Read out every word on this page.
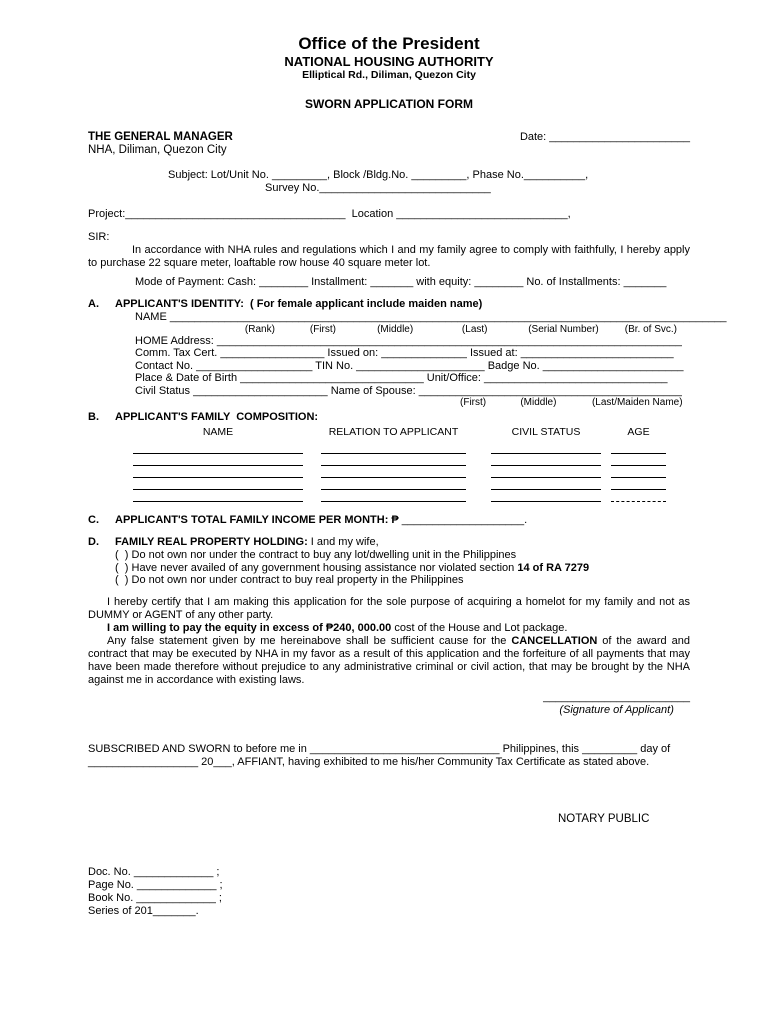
Office of the President
NATIONAL HOUSING AUTHORITY
Elliptical Rd., Diliman, Quezon City
SWORN APPLICATION FORM
THE GENERAL MANAGER
NHA, Diliman, Quezon City
Date: _______________________
Subject: Lot/Unit No. _________, Block /Bldg.No. _________, Phase No.__________,
Survey No.____________________________
Project:____________________________________  Location ____________________________,
SIR:

In accordance with NHA rules and regulations which I and my family agree to comply with faithfully, I hereby apply to purchase 22 square meter, loaftable row house 40 square meter lot.

Mode of Payment: Cash: ________ Installment: _______ with equity: ________ No. of Installments: _______
A.	APPLICANT'S IDENTITY:  ( For female applicant include maiden name)
NAME ___________________________________________________________________________________________
(Rank)	(First)	(Middle)	(Last)	(Serial Number)	(Br. of Svc.)
HOME Address: ____________________________________________________________________________
Comm. Tax Cert. _________________ Issued on: ______________ Issued at: _________________________
Contact No. ___________________ TIN No. _____________________ Badge No. _______________________
Place & Date of Birth ______________________________ Unit/Office: ______________________________
Civil Status ______________________ Name of Spouse: ___________________________________________
(First)	(Middle)	(Last/Maiden Name)
B.	APPLICANT'S FAMILY  COMPOSITION:
NAME	RELATION TO APPLICANT	CIVIL STATUS	AGE
C.	APPLICANT'S TOTAL FAMILY INCOME PER MONTH: ₱ ____________________.
D.	FAMILY REAL PROPERTY HOLDING: I and my wife,
(  ) Do not own nor under the contract to buy any lot/dwelling unit in the Philippines
(  ) Have never availed of any government housing assistance nor violated section 14 of RA 7279
(  ) Do not own nor under contract to buy real property in the Philippines

I hereby certify that I am making this application for the sole purpose of acquiring a homelot for my family and not as DUMMY or AGENT of any other party.

I am willing to pay the equity in excess of ₱240, 000.00 cost of the House and Lot package.

Any false statement given by me hereinabove shall be sufficient cause for the CANCELLATION of the award and contract that may be executed by NHA in my favor as a result of this application and the forfeiture of all payments that may have been made therefore without prejudice to any administrative criminal or civil action, that may be brought by the NHA against me in accordance with existing laws.

________________________
(Signature of Applicant)
SUBSCRIBED AND SWORN to before me in _______________________________ Philippines, this _________ day of
__________________ 20___, AFFIANT, having exhibited to me his/her Community Tax Certificate as stated above.
NOTARY PUBLIC
Doc. No. _____________ ;
Page No. _____________ ;
Book No. _____________ ;
Series of 201_______.
